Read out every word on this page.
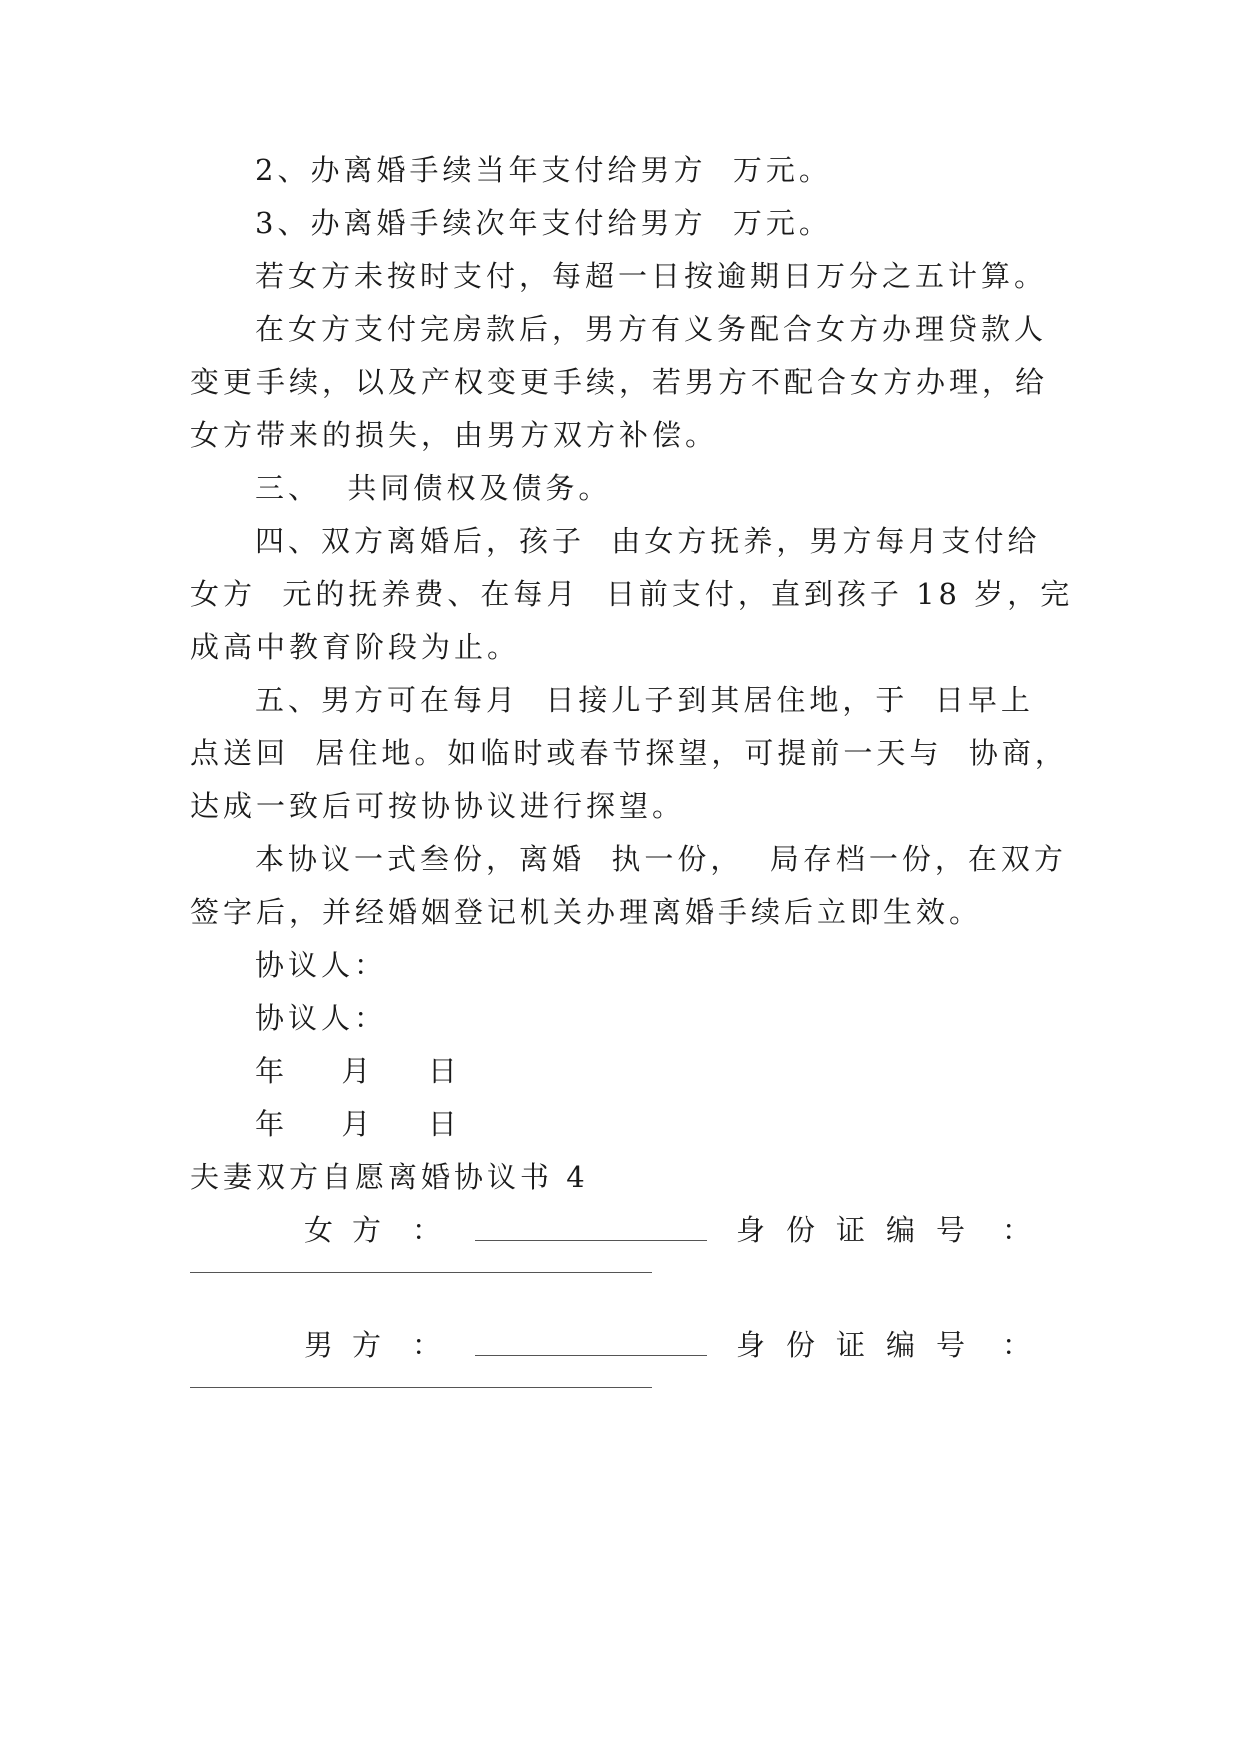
2、办离婚手续当年支付给男方  万元。
3、办离婚手续次年支付给男方  万元。
若女方未按时支付，每超一日按逾期日万分之五计算。
在女方支付完房款后，男方有义务配合女方办理贷款人
变更手续，以及产权变更手续，若男方不配合女方办理，给
女方带来的损失，由男方双方补偿。
三、  共同债权及债务。
四、双方离婚后，孩子  由女方抚养，男方每月支付给
女方  元的抚养费、在每月  日前支付，直到孩子 18 岁，完
成高中教育阶段为止。
五、男方可在每月  日接儿子到其居住地，于  日早上
点送回  居住地。如临时或春节探望，可提前一天与  协商，
达成一致后可按协协议进行探望。
本协议一式叁份，离婚  执一份，  局存档一份，在双方
签字后，并经婚姻登记机关办理离婚手续后立即生效。
协议人：
协议人：
年  月  日
年  月  日
夫妻双方自愿离婚协议书 4
女 方 ：	身 份 证 编 号 ：
男 方 ：	身 份 证 编 号 ：
